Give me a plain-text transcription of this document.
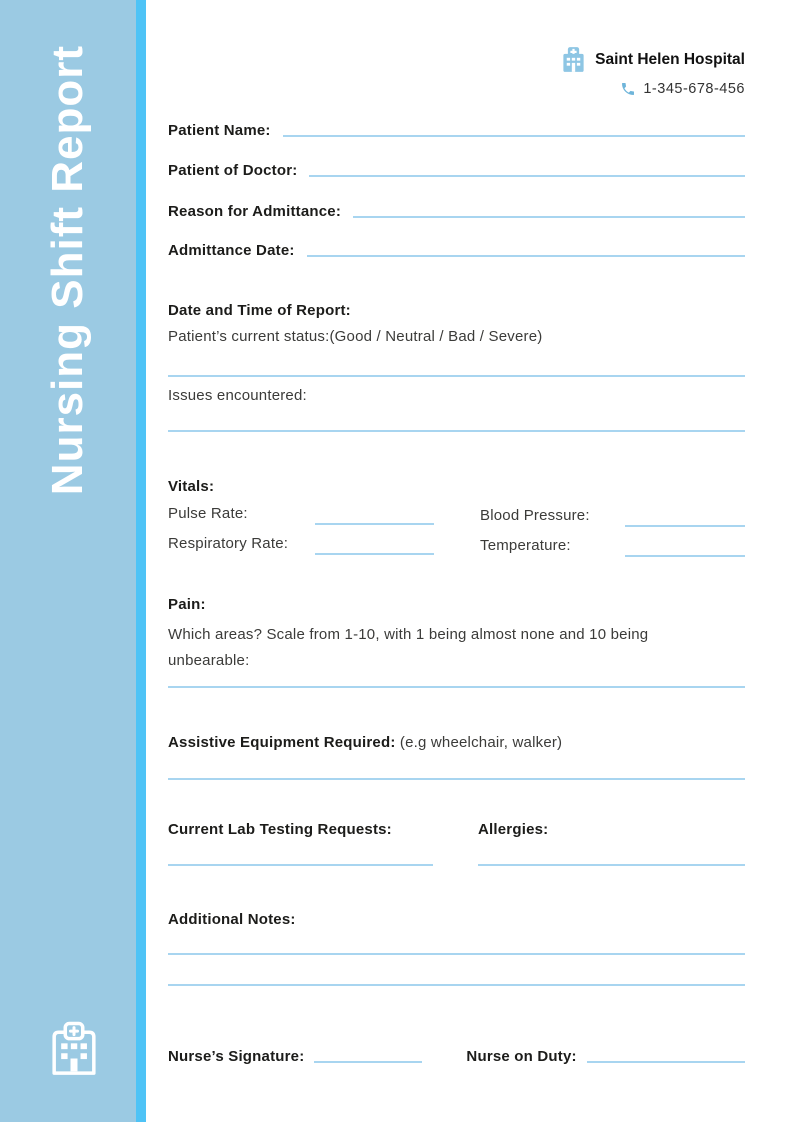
Nursing Shift Report	Saint Helen Hospital
1-345-678-456
Patient Name:
Patient of Doctor:
Reason for Admittance:
Admittance Date:
Date and Time of Report:
Patient’s current status:(Good / Neutral / Bad / Severe)
Issues encountered:
Vitals:
Pulse Rate:	Blood Pressure:
Respiratory Rate:	Temperature:
Pain:
Which areas? Scale from 1-10, with 1 being almost none and 10 being unbearable:
Assistive Equipment Required: (e.g wheelchair, walker)
Current Lab Testing Requests:	Allergies:
Additional Notes:
Nurse’s Signature:	Nurse on Duty:
